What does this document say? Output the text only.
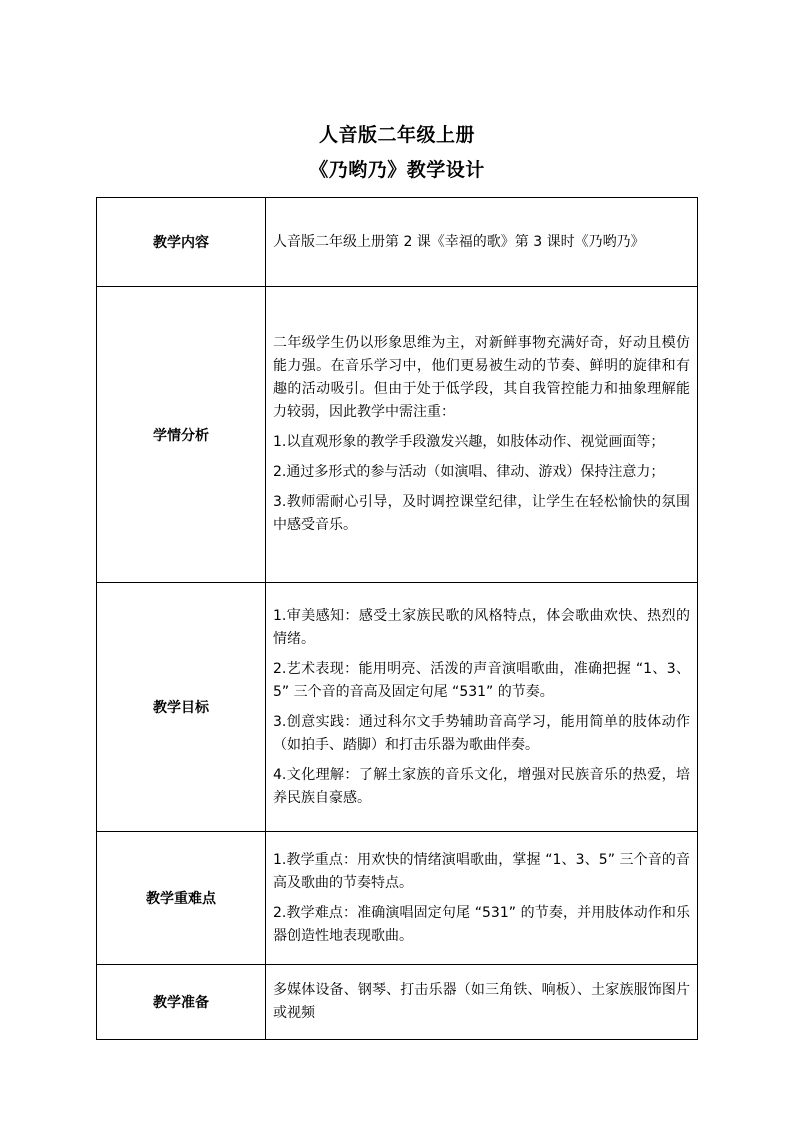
人音版二年级上册
《乃哟乃》教学设计
教学内容	人音版二年级上册第 2 课《幸福的歌》第 3 课时《乃哟乃》

学情分析	二年级学生仍以形象思维为主，对新鲜事物充满好奇，好动且模仿能力强。在音乐学习中，他们更易被生动的节奏、鲜明的旋律和有趣的活动吸引。但由于处于低学段，其自我管控能力和抽象理解能力较弱，因此教学中需注重：

1.以直观形象的教学手段激发兴趣，如肢体动作、视觉画面等；

2.通过多形式的参与活动（如演唱、律动、游戏）保持注意力；

3.教师需耐心引导，及时调控课堂纪律，让学生在轻松愉快的氛围中感受音乐。

教学目标	1.审美感知：感受土家族民歌的风格特点，体会歌曲欢快、热烈的情绪。

2.艺术表现：能用明亮、活泼的声音演唱歌曲，准确把握 “1、3、5” 三个音的音高及固定句尾 “531” 的节奏。

3.创意实践：通过科尔文手势辅助音高学习，能用简单的肢体动作（如拍手、踏脚）和打击乐器为歌曲伴奏。

4.文化理解：了解土家族的音乐文化，增强对民族音乐的热爱，培养民族自豪感。

教学重难点	1.教学重点：用欢快的情绪演唱歌曲，掌握 “1、3、5” 三个音的音高及歌曲的节奏特点。

2.教学难点：准确演唱固定句尾 “531” 的节奏，并用肢体动作和乐器创造性地表现歌曲。

教学准备	多媒体设备、钢琴、打击乐器（如三角铁、响板）、土家族服饰图片或视频
